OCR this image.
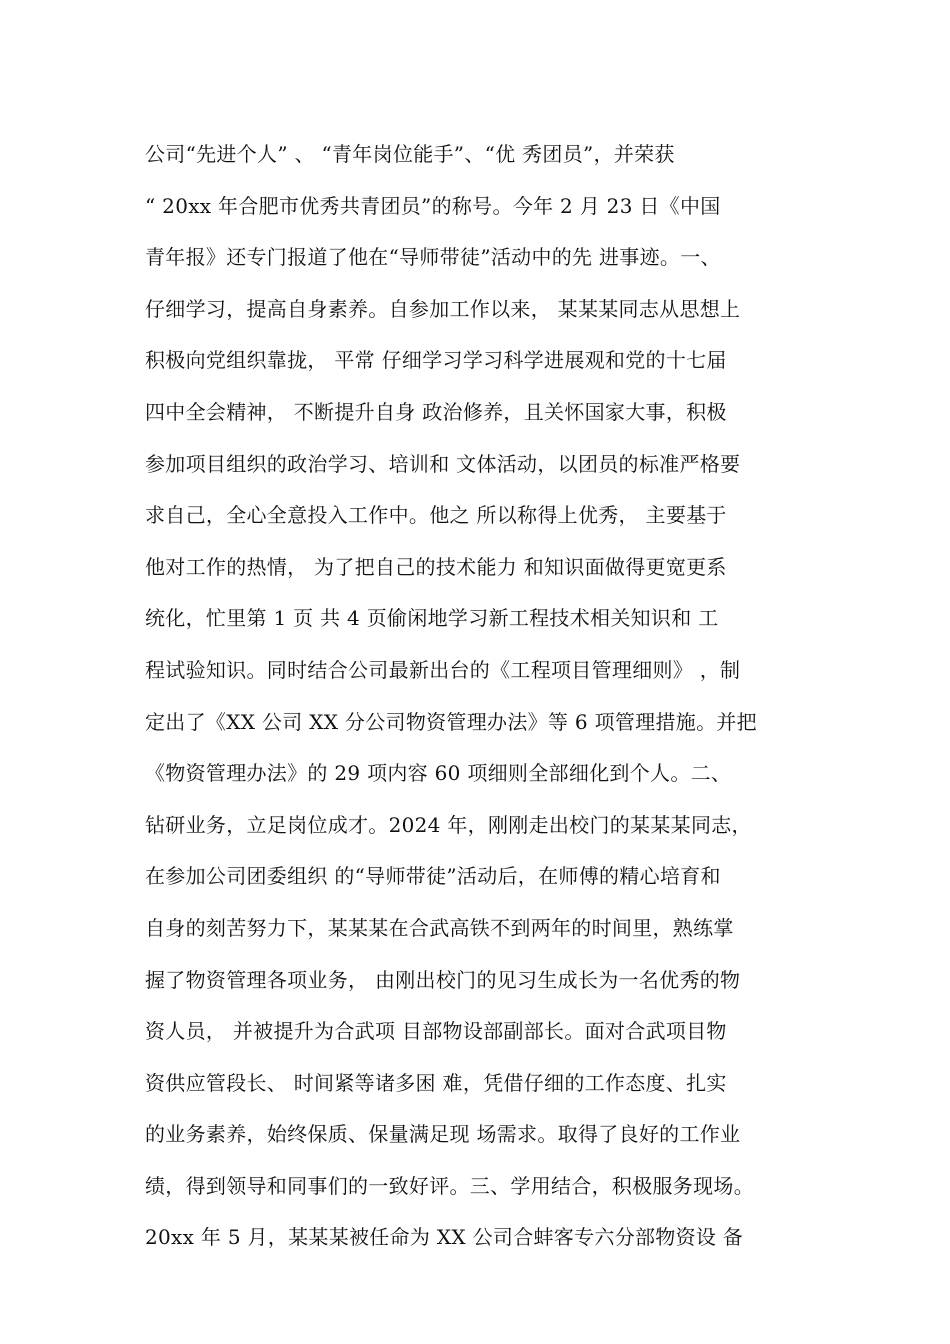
公司“先进个人” 、 “青年岗位能手”、“优 秀团员”，并荣获
“ 20xx 年合肥市优秀共青团员”的称号。今年 2 月 23 日《中国
青年报》还专门报道了他在“导师带徒”活动中的先 进事迹。一、
仔细学习，提高自身素养。自参加工作以来， 某某某同志从思想上
积极向党组织靠拢， 平常 仔细学习学习科学进展观和党的十七届
四中全会精神， 不断提升自身 政治修养，且关怀国家大事，积极
参加项目组织的政治学习、培训和 文体活动，以团员的标准严格要
求自己，全心全意投入工作中。他之 所以称得上优秀， 主要基于
他对工作的热情， 为了把自己的技术能力 和知识面做得更宽更系
统化，忙里第 1 页 共 4 页偷闲地学习新工程技术相关知识和 工
程试验知识。同时结合公司最新出台的《工程项目管理细则》 ，制
定出了《XX 公司 XX 分公司物资管理办法》等 6 项管理措施。并把
《物资管理办法》的 29 项内容 60 项细则全部细化到个人。二、
钻研业务，立足岗位成才。2024 年，刚刚走出校门的某某某同志，
在参加公司团委组织 的“导师带徒”活动后，在师傅的精心培育和
自身的刻苦努力下，某某某在合武高铁不到两年的时间里，熟练掌
握了物资管理各项业务， 由刚出校门的见习生成长为一名优秀的物
资人员， 并被提升为合武项 目部物设部副部长。面对合武项目物
资供应管段长、 时间紧等诸多困 难，凭借仔细的工作态度、扎实
的业务素养，始终保质、保量满足现 场需求。取得了良好的工作业
绩，得到领导和同事们的一致好评。三、学用结合，积极服务现场。
20xx 年 5 月，某某某被任命为 XX 公司合蚌客专六分部物资设 备
